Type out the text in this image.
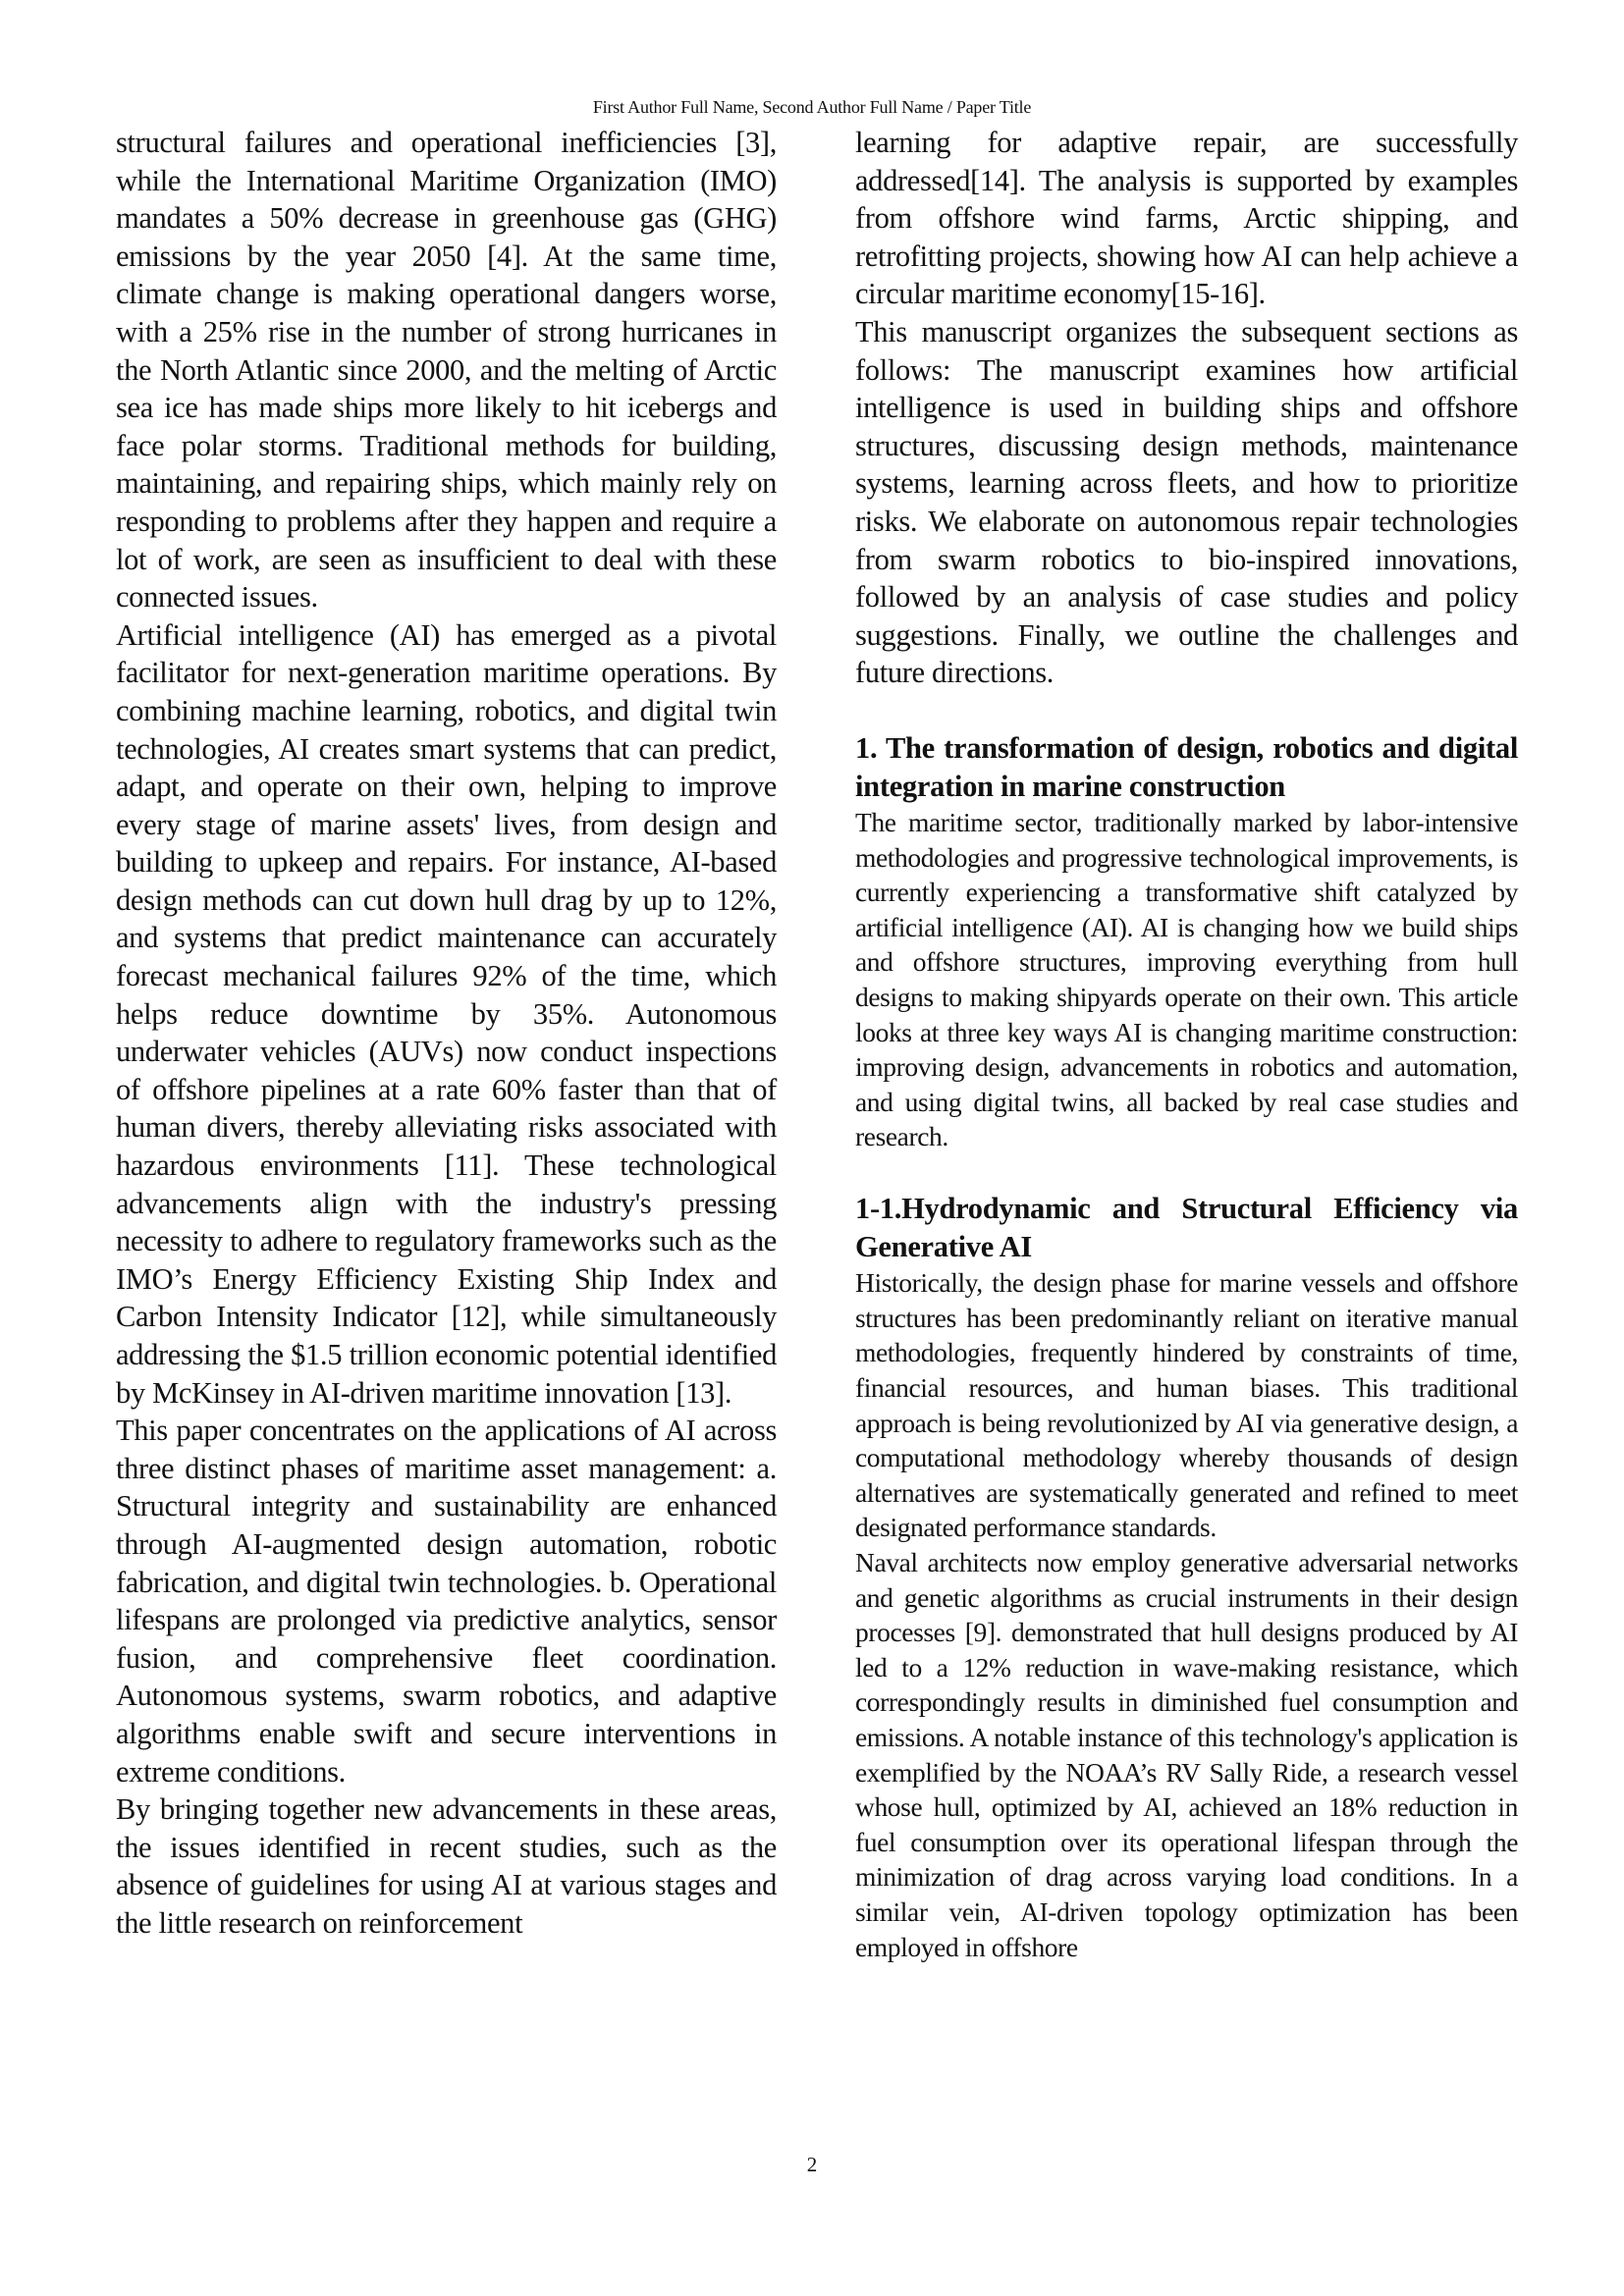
First Author Full Name, Second Author Full Name / Paper Title

structural failures and operational inefficiencies [3], while the International Maritime Organization (IMO) mandates a 50% decrease in greenhouse gas (GHG) emissions by the year 2050 [4]. At the same time, climate change is making operational dangers worse, with a 25% rise in the number of strong hurricanes in the North Atlantic since 2000, and the melting of Arctic sea ice has made ships more likely to hit icebergs and face polar storms. Traditional methods for building, maintaining, and repairing ships, which mainly rely on responding to problems after they happen and require a lot of work, are seen as insufficient to deal with these connected issues.

Artificial intelligence (AI) has emerged as a pivotal facilitator for next-generation maritime operations. By combining machine learning, robotics, and digital twin technologies, AI creates smart systems that can predict, adapt, and operate on their own, helping to improve every stage of marine assets' lives, from design and building to upkeep and repairs. For instance, AI-based design methods can cut down hull drag by up to 12%, and systems that predict maintenance can accurately forecast mechanical failures 92% of the time, which helps reduce downtime by 35%. Autonomous underwater vehicles (AUVs) now conduct inspections of offshore pipelines at a rate 60% faster than that of human divers, thereby alleviating risks associated with hazardous environments [11]. These technological advancements align with the industry's pressing necessity to adhere to regulatory frameworks such as the IMO’s Energy Efficiency Existing Ship Index and Carbon Intensity Indicator [12], while simultaneously addressing the $1.5 trillion economic potential identified by McKinsey in AI-driven maritime innovation [13].

This paper concentrates on the applications of AI across three distinct phases of maritime asset management: a. Structural integrity and sustainability are enhanced through AI-augmented design automation, robotic fabrication, and digital twin technologies. b. Operational lifespans are prolonged via predictive analytics, sensor fusion, and comprehensive fleet coordination. Autonomous systems, swarm robotics, and adaptive algorithms enable swift and secure interventions in extreme conditions.

By bringing together new advancements in these areas, the issues identified in recent studies, such as the absence of guidelines for using AI at various stages and the little research on reinforcement

learning for adaptive repair, are successfully addressed[14]. The analysis is supported by examples from offshore wind farms, Arctic shipping, and retrofitting projects, showing how AI can help achieve a circular maritime economy[15-16].

This manuscript organizes the subsequent sections as follows: The manuscript examines how artificial intelligence is used in building ships and offshore structures, discussing design methods, maintenance systems, learning across fleets, and how to prioritize risks. We elaborate on autonomous repair technologies from swarm robotics to bio-inspired innovations, followed by an analysis of case studies and policy suggestions. Finally, we outline the challenges and future directions.

1. The transformation of design, robotics and digital integration in marine construction

The maritime sector, traditionally marked by labor-intensive methodologies and progressive technological improvements, is currently experiencing a transformative shift catalyzed by artificial intelligence (AI). AI is changing how we build ships and offshore structures, improving everything from hull designs to making shipyards operate on their own. This article looks at three key ways AI is changing maritime construction: improving design, advancements in robotics and automation, and using digital twins, all backed by real case studies and research.

1-1.Hydrodynamic and Structural Efficiency via Generative AI

Historically, the design phase for marine vessels and offshore structures has been predominantly reliant on iterative manual methodologies, frequently hindered by constraints of time, financial resources, and human biases. This traditional approach is being revolutionized by AI via generative design, a computational methodology whereby thousands of design alternatives are systematically generated and refined to meet designated performance standards.

Naval architects now employ generative adversarial networks and genetic algorithms as crucial instruments in their design processes [9]. demonstrated that hull designs produced by AI led to a 12% reduction in wave-making resistance, which correspondingly results in diminished fuel consumption and emissions. A notable instance of this technology's application is exemplified by the NOAA’s RV Sally Ride, a research vessel whose hull, optimized by AI, achieved an 18% reduction in fuel consumption over its operational lifespan through the minimization of drag across varying load conditions. In a similar vein, AI-driven topology optimization has been employed in offshore

2
